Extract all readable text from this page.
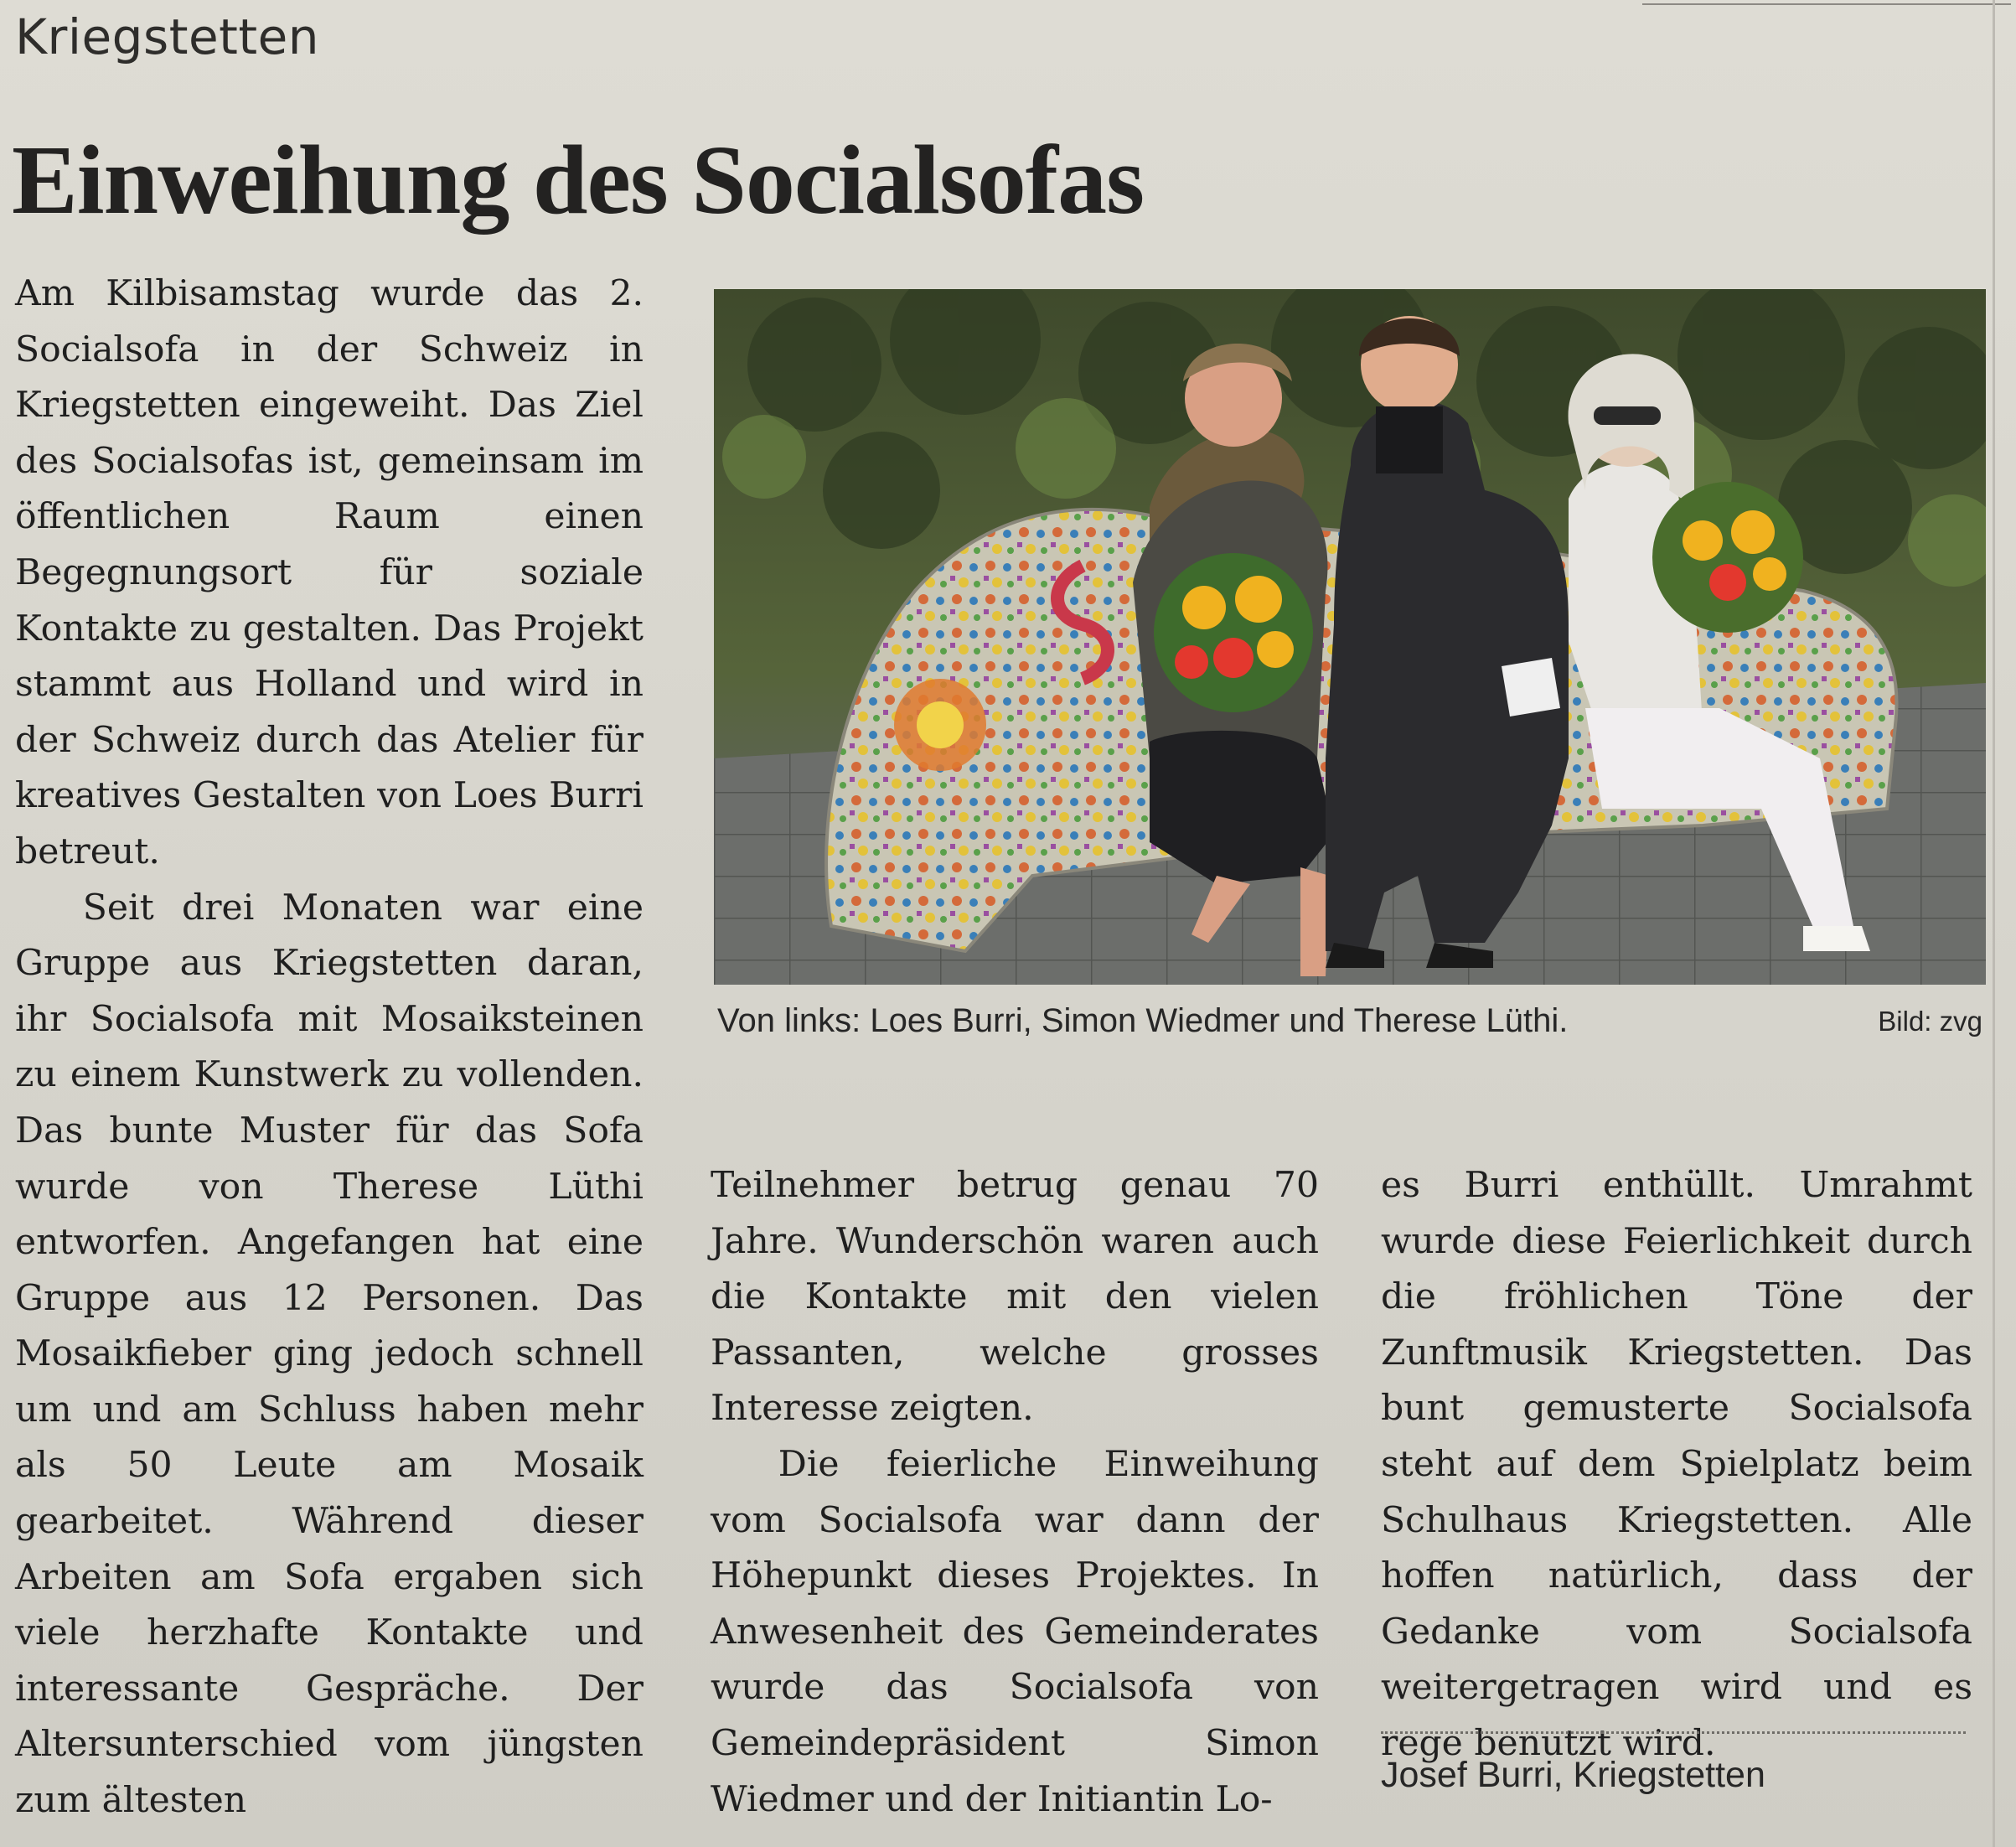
Kriegstetten
Einweihung des Socialsofas

Am Kilbisamstag wurde das 2. Socialsofa in der Schweiz in Kriegstetten eingeweiht. Das Ziel des Socialsofas ist, gemeinsam im öffentlichen Raum einen Begegnungsort für soziale Kontakte zu gestalten. Das Projekt stammt aus Holland und wird in der Schweiz durch das Atelier für kreatives Gestalten von Loes Burri betreut.

Seit drei Monaten war eine Gruppe aus Kriegstetten daran, ihr Socialsofa mit Mosaiksteinen zu einem Kunstwerk zu vollenden. Das bunte Muster für das Sofa wurde von Therese Lüthi entworfen. Angefangen hat eine Gruppe aus 12 Personen. Das Mosaikfieber ging jedoch schnell um und am Schluss haben mehr als 50 Leute am Mosaik gearbeitet. Während dieser Arbeiten am Sofa ergaben sich viele herzhafte Kontakte und interessante Gespräche. Der Altersunterschied vom jüngsten zum ältesten

Von links: Loes Burri, Simon Wiedmer und Therese Lüthi.	Bild: zvg

Teilnehmer betrug genau 70 Jahre. Wunderschön waren auch die Kontakte mit den vielen Passanten, welche grosses Interesse zeigten.

Die feierliche Einweihung vom Socialsofa war dann der Höhepunkt dieses Projektes. In Anwesenheit des Gemeinderates wurde das Socialsofa von Gemeindepräsident Simon Wiedmer und der Initiantin Lo-

es Burri enthüllt. Umrahmt wurde diese Feierlichkeit durch die fröhlichen Töne der Zunftmusik Kriegstetten. Das bunt gemusterte Socialsofa steht auf dem Spielplatz beim Schulhaus Kriegstetten. Alle hoffen natürlich, dass der Gedanke vom Socialsofa weitergetragen wird und es rege benutzt wird.

Josef Burri, Kriegstetten
